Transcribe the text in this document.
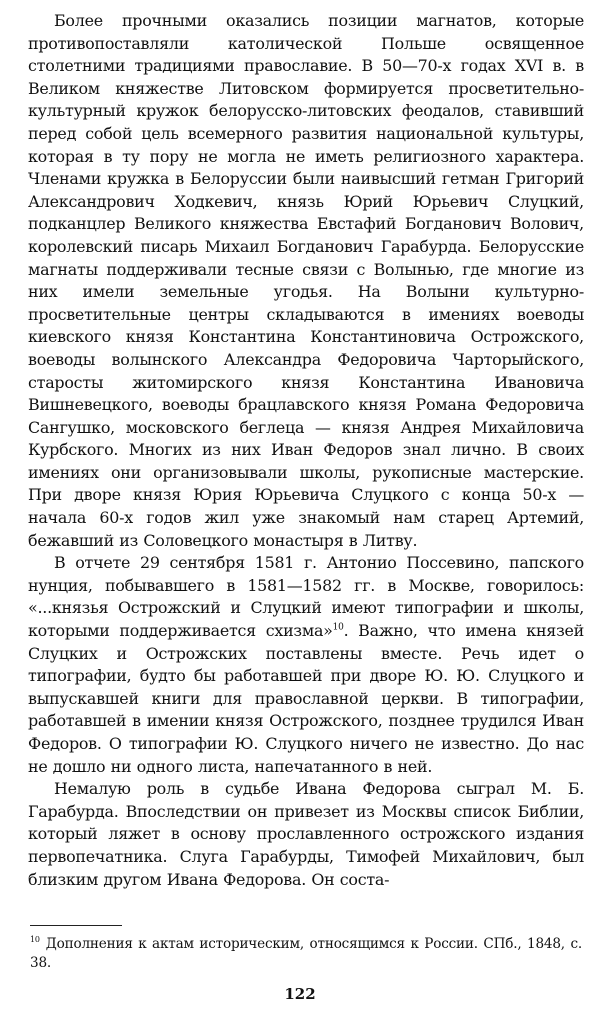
Более прочными оказались позиции магнатов, которые противопоставляли католической Польше освященное столетними традициями православие. В 50—70-х годах XVI в. в Великом княжестве Литовском формируется просветительно-культурный кружок белорусско-литовских феодалов, ставивший перед собой цель всемерного развития национальной культуры, которая в ту пору не могла не иметь религиозного характера. Членами кружка в Белоруссии были наивысший гетман Григорий Александрович Ходкевич, князь Юрий Юрьевич Слуцкий, подканцлер Великого княжества Евстафий Богданович Волович, королевский писарь Михаил Богданович Гарабурда. Белорусские магнаты поддерживали тесные связи с Волынью, где многие из них имели земельные угодья. На Волыни культурно-просветительные центры складываются в имениях воеводы киевского князя Константина Константиновича Острожского, воеводы волынского Александра Федоровича Чарторыйского, старосты житомирского князя Константина Ивановича Вишневецкого, воеводы брацлавского князя Романа Федоровича Сангушко, московского беглеца — князя Андрея Михайловича Курбского. Многих из них Иван Федоров знал лично. В своих имениях они организовывали школы, рукописные мастерские. При дворе князя Юрия Юрьевича Слуцкого с конца 50-х — начала 60-х годов жил уже знакомый нам старец Артемий, бежавший из Соловецкого монастыря в Литву.

В отчете 29 сентября 1581 г. Антонио Поссевино, папского нунция, побывавшего в 1581—1582 гг. в Москве, говорилось: «...князья Острожский и Слуцкий имеют типографии и школы, которыми поддерживается схизма»$^{10}$. Важно, что имена князей Слуцких и Острожских поставлены вместе. Речь идет о типографии, будто бы работавшей при дворе Ю. Ю. Слуцкого и выпускавшей книги для православной церкви. В типографии, работавшей в имении князя Острожского, позднее трудился Иван Федоров. О типографии Ю. Слуцкого ничего не известно. До нас не дошло ни одного листа, напечатанного в ней.

Немалую роль в судьбе Ивана Федорова сыграл М. Б. Гарабурда. Впоследствии он привезет из Москвы список Библии, который ляжет в основу прославленного острожского издания первопечатника. Слуга Гарабурды, Тимофей Михайлович, был близким другом Ивана Федорова. Он соста-

$^{10}$ Дополнения к актам историческим, относящимся к России. СПб., 1848, с. 38.

122
